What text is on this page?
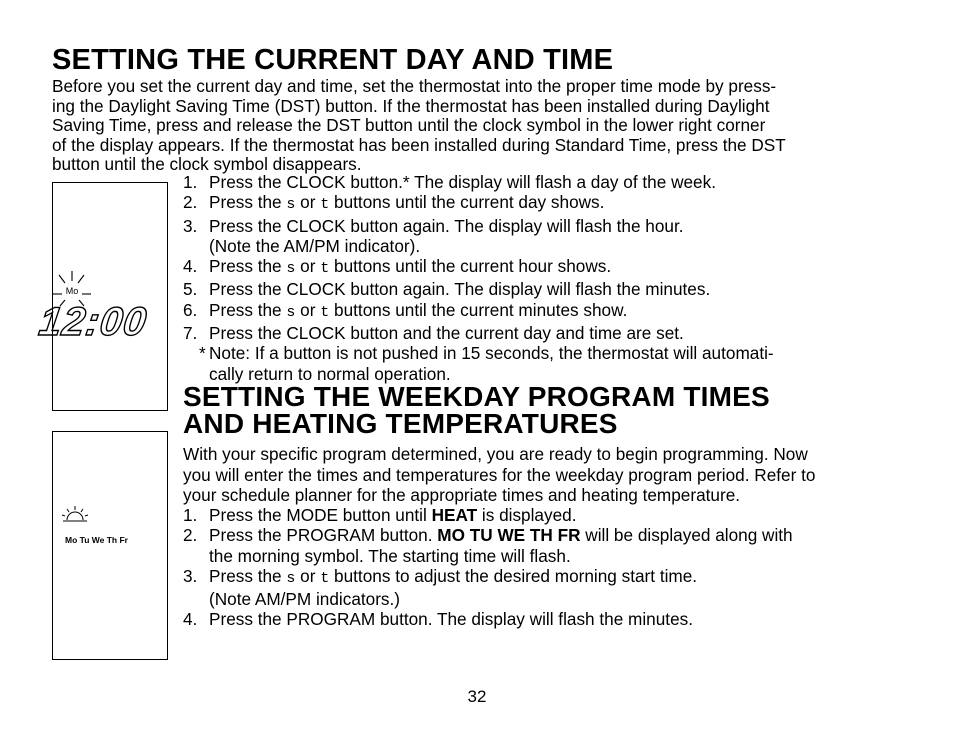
SETTING THE CURRENT DAY AND TIME
Before you set the current day and time, set the thermostat into the proper time mode by press-
ing the Daylight Saving Time (DST) button. If the thermostat has been installed during Daylight
Saving Time, press and release the DST button until the clock symbol in the lower right corner
of the display appears. If the thermostat has been installed during Standard Time, press the DST
button until the clock symbol disappears.
Mo
12:00
1. Press the CLOCK button.* The display will flash a day of the week.
2. Press the s or t buttons until the current day shows.
3. Press the CLOCK button again. The display will flash the hour.
(Note the AM/PM indicator).
4. Press the s or t buttons until the current hour shows.
5. Press the CLOCK button again. The display will flash the minutes.
6. Press the s or t buttons until the current minutes show.
7. Press the CLOCK button and the current day and time are set.
* Note: If a button is not pushed in 15 seconds, the thermostat will automati-
cally return to normal operation.
SETTING THE WEEKDAY PROGRAM TIMES
AND HEATING TEMPERATURES
With your specific program determined, you are ready to begin programming. Now
you will enter the times and temperatures for the weekday program period. Refer to
your schedule planner for the appropriate times and heating temperature.
Mo Tu We Th Fr
1. Press the MODE button until HEAT is displayed.
2. Press the PROGRAM button. MO TU WE TH FR will be displayed along with
the morning symbol. The starting time will flash.
3. Press the s or t buttons to adjust the desired morning start time.
(Note AM/PM indicators.)
4. Press the PROGRAM button. The display will flash the minutes.
32
